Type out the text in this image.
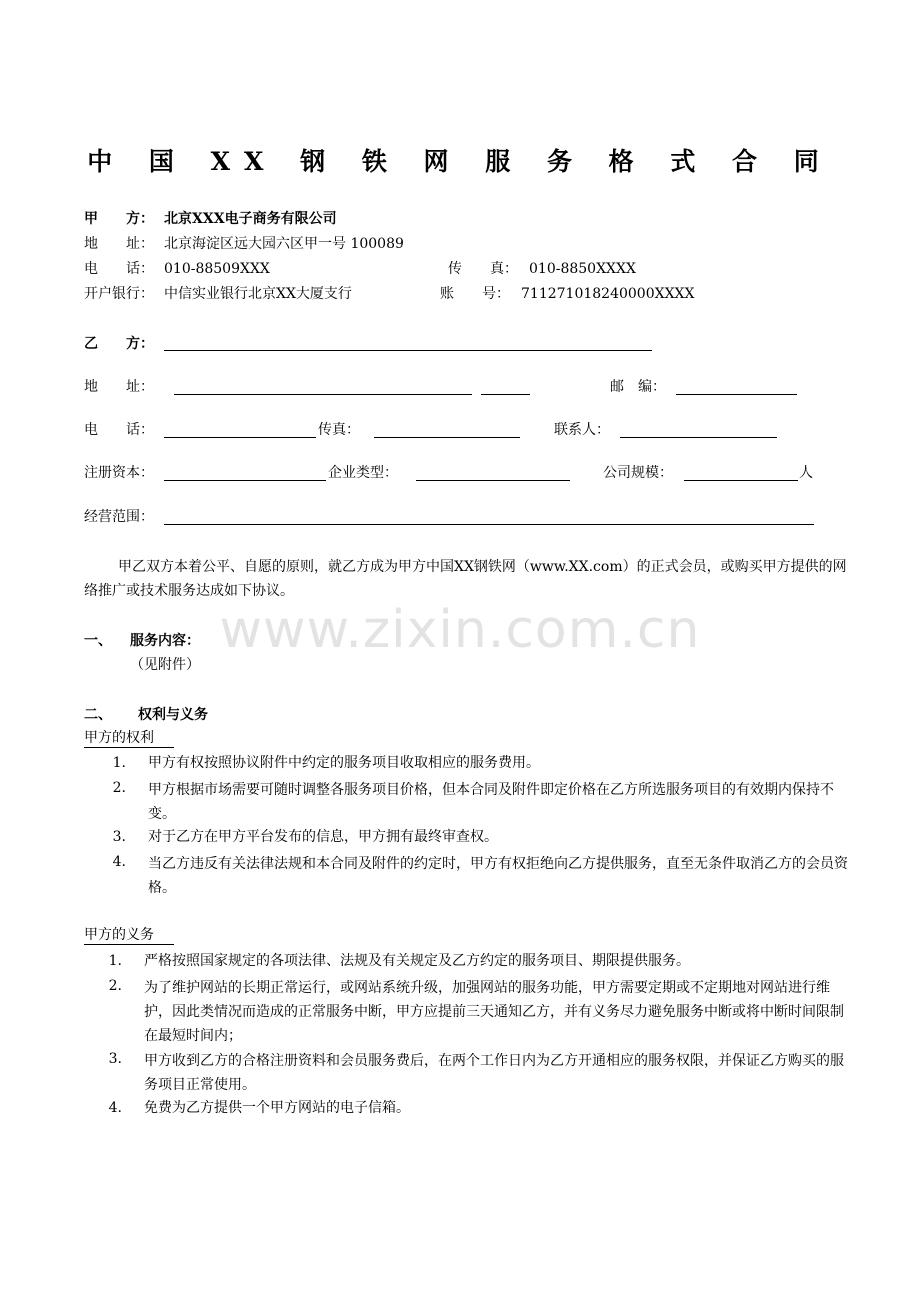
www.zixin.com.cn
中 国 XX 钢 铁 网 服 务 格 式 合 同
甲　　方： 北京XXX电子商务有限公司
地　　址： 北京海淀区远大园六区甲一号 100089
电　　话： 010-88509XXX	传　　真： 010-8850XXXX
开户银行： 中信实业银行北京XX大厦支行	账　　号： 711271018240000XXXX
乙　　方：
地　　址：	邮　编：
电　　话：	传真：	联系人：
注册资本：	企业类型：	公司规模：	人
经营范围：
甲乙双方本着公平、自愿的原则，就乙方成为甲方中国XX钢铁网（www.XX.com）的正式会员，或购买甲方提供的网络推广或技术服务达成如下协议。
一、 服务内容：
（见附件）
二、 权利与义务
甲方的权利
1. 甲方有权按照协议附件中约定的服务项目收取相应的服务费用。
2. 甲方根据市场需要可随时调整各服务项目价格，但本合同及附件即定价格在乙方所选服务项目的有效期内保持不变。
3. 对于乙方在甲方平台发布的信息，甲方拥有最终审查权。
4. 当乙方违反有关法律法规和本合同及附件的约定时，甲方有权拒绝向乙方提供服务，直至无条件取消乙方的会员资格。
甲方的义务
1. 严格按照国家规定的各项法律、法规及有关规定及乙方约定的服务项目、期限提供服务。
2. 为了维护网站的长期正常运行，或网站系统升级，加强网站的服务功能，甲方需要定期或不定期地对网站进行维护，因此类情况而造成的正常服务中断，甲方应提前三天通知乙方，并有义务尽力避免服务中断或将中断时间限制在最短时间内；
3. 甲方收到乙方的合格注册资料和会员服务费后，在两个工作日内为乙方开通相应的服务权限，并保证乙方购买的服务项目正常使用。
4. 免费为乙方提供一个甲方网站的电子信箱。
